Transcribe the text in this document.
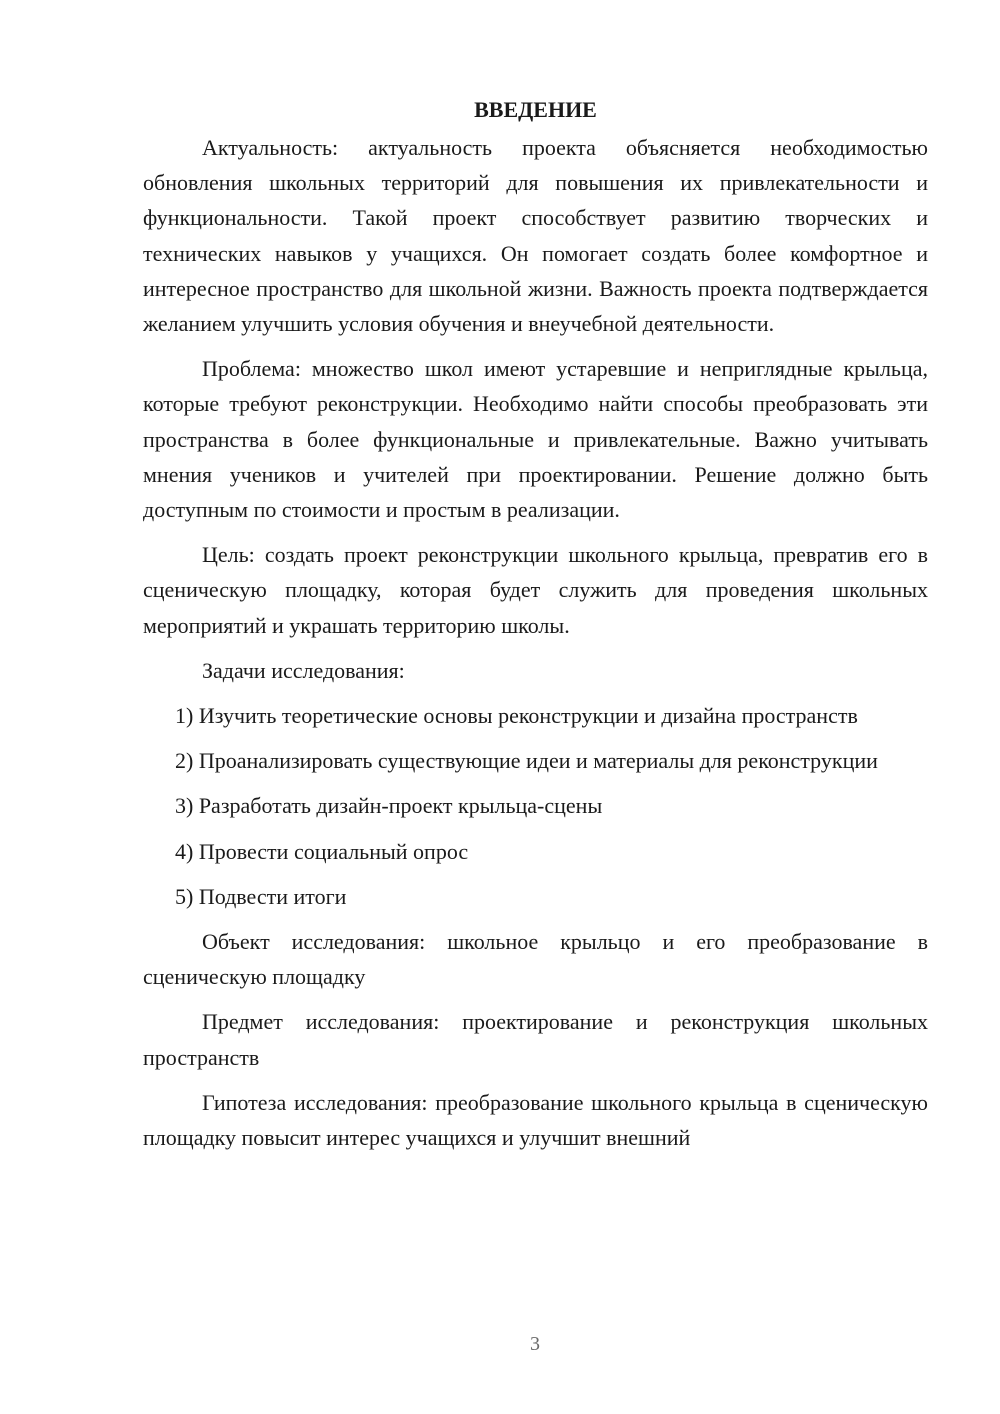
ВВЕДЕНИЕ

Актуальность: актуальность проекта объясняется необходимостью обновления школьных территорий для повышения их привлекательности и функциональности. Такой проект способствует развитию творческих и технических навыков у учащихся. Он помогает создать более комфортное и интересное пространство для школьной жизни. Важность проекта подтверждается желанием улучшить условия обучения и внеучебной деятельности.

Проблема: множество школ имеют устаревшие и неприглядные крыльца, которые требуют реконструкции. Необходимо найти способы преобразовать эти пространства в более функциональные и привлекательные. Важно учитывать мнения учеников и учителей при проектировании. Решение должно быть доступным по стоимости и простым в реализации.

Цель: создать проект реконструкции школьного крыльца, превратив его в сценическую площадку, которая будет служить для проведения школьных мероприятий и украшать территорию школы.

Задачи исследования:

1) Изучить теоретические основы реконструкции и дизайна пространств

2) Проанализировать существующие идеи и материалы для реконструкции

3) Разработать дизайн-проект крыльца-сцены

4) Провести социальный опрос

5) Подвести итоги

Объект исследования: школьное крыльцо и его преобразование в сценическую площадку

Предмет исследования: проектирование и реконструкция школьных пространств

Гипотеза исследования: преобразование школьного крыльца в сценическую площадку повысит интерес учащихся и улучшит внешний

3
